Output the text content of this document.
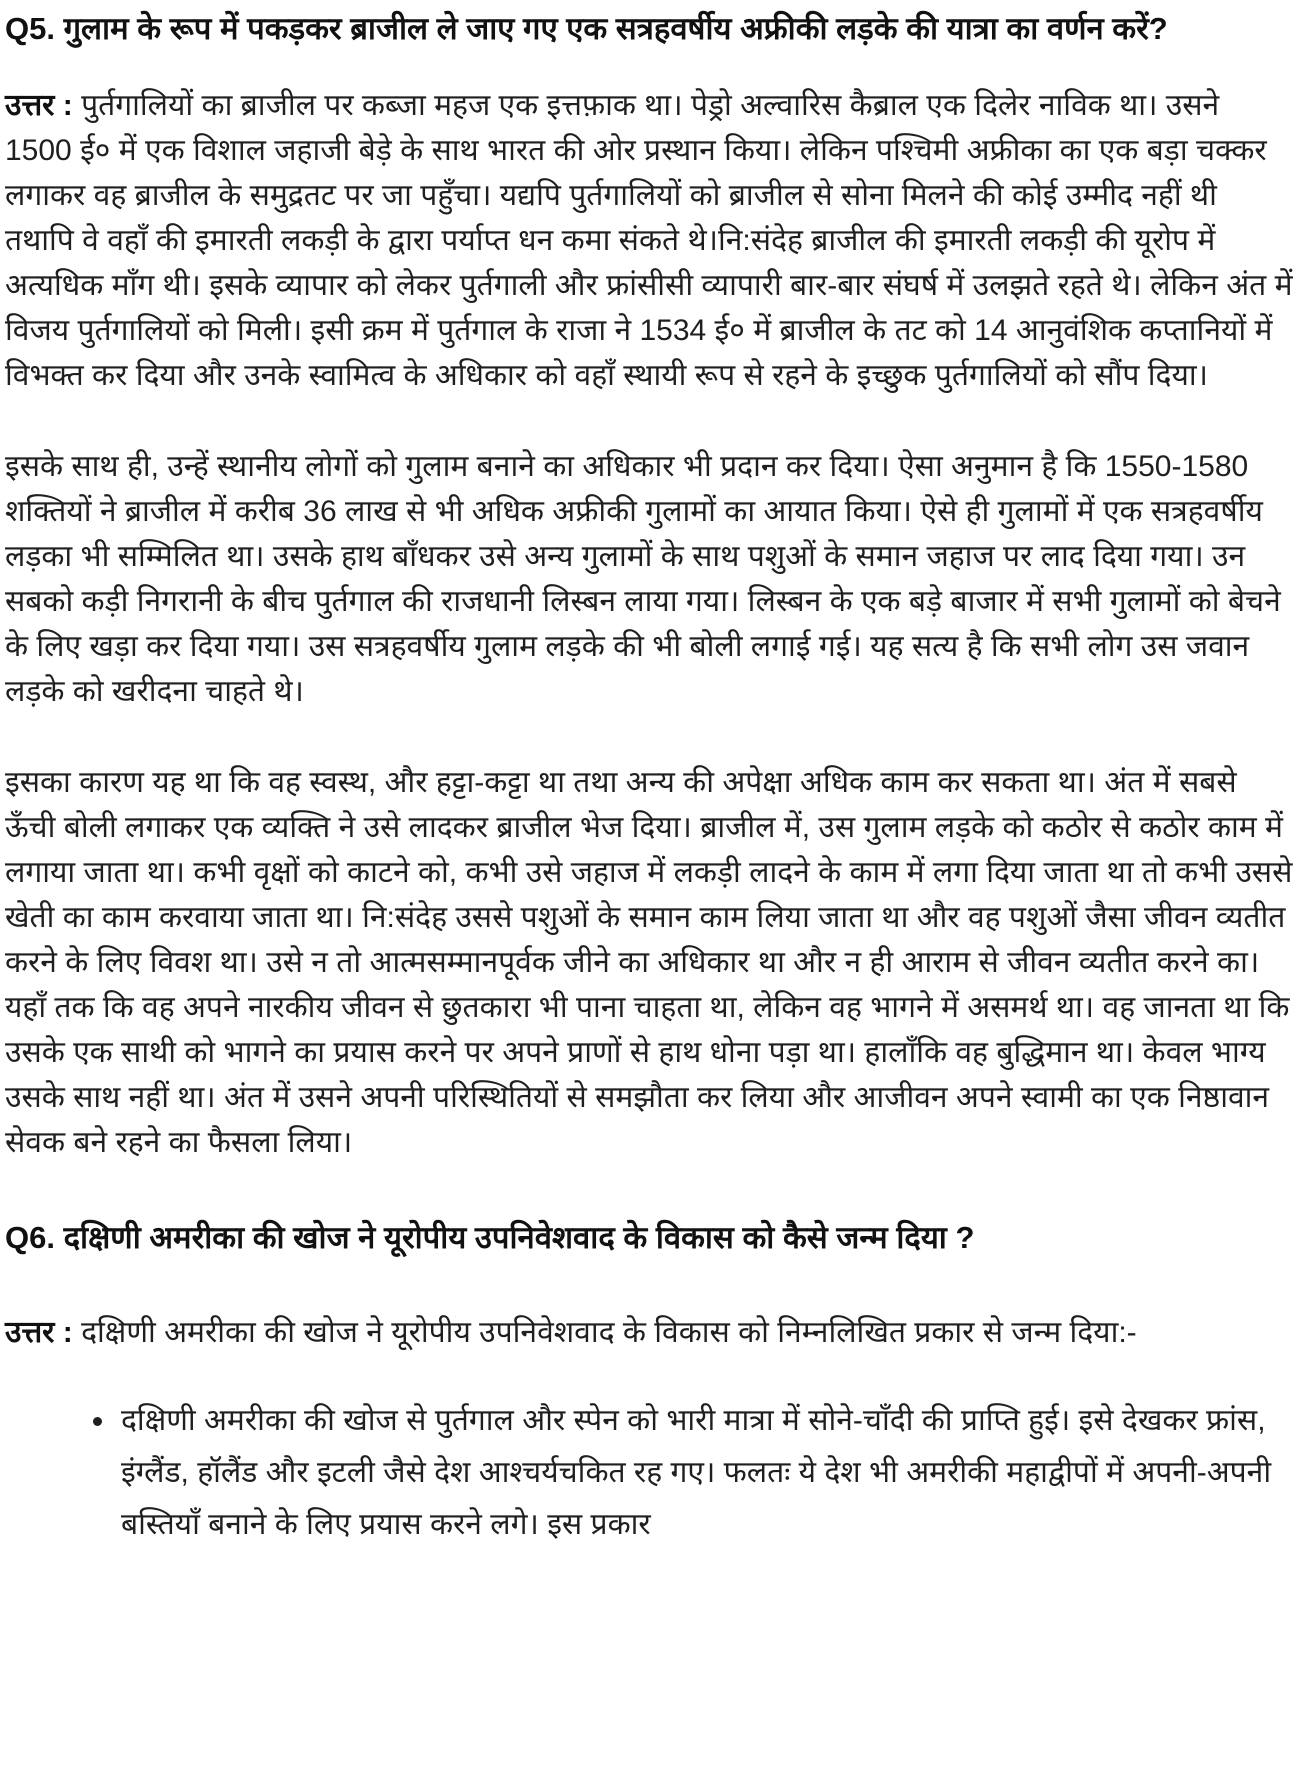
Q5. गुलाम के रूप में पकड़कर ब्राजील ले जाए गए एक सत्रहवर्षीय अफ्रीकी लड़के की यात्रा का वर्णन करें?

उत्तर : पुर्तगालियों का ब्राजील पर कब्जा महज एक इत्तफ़ाक था। पेड्रो अल्वारिस कैब्राल एक दिलेर नाविक था। उसने 1500 ई० में एक विशाल जहाजी बेड़े के साथ भारत की ओर प्रस्थान किया। लेकिन पश्चिमी अफ्रीका का एक बड़ा चक्कर लगाकर वह ब्राजील के समुद्रतट पर जा पहुँचा। यद्यपि पुर्तगालियों को ब्राजील से सोना मिलने की कोई उम्मीद नहीं थी तथापि वे वहाँ की इमारती लकड़ी के द्वारा पर्याप्त धन कमा संकते थे।नि:संदेह ब्राजील की इमारती लकड़ी की यूरोप में अत्यधिक माँग थी। इसके व्यापार को लेकर पुर्तगाली और फ्रांसीसी व्यापारी बार-बार संघर्ष में उलझते रहते थे। लेकिन अंत में विजय पुर्तगालियों को मिली। इसी क्रम में पुर्तगाल के राजा ने 1534 ई० में ब्राजील के तट को 14 आनुवंशिक कप्तानियों में विभक्त कर दिया और उनके स्वामित्व के अधिकार को वहाँ स्थायी रूप से रहने के इच्छुक पुर्तगालियों को सौंप दिया।

इसके साथ ही, उन्हें स्थानीय लोगों को गुलाम बनाने का अधिकार भी प्रदान कर दिया। ऐसा अनुमान है कि 1550-1580 शक्तियों ने ब्राजील में करीब 36 लाख से भी अधिक अफ्रीकी गुलामों का आयात किया। ऐसे ही गुलामों में एक सत्रहवर्षीय लड़का भी सम्मिलित था। उसके हाथ बाँधकर उसे अन्य गुलामों के साथ पशुओं के समान जहाज पर लाद दिया गया। उन सबको कड़ी निगरानी के बीच पुर्तगाल की राजधानी लिस्बन लाया गया। लिस्बन के एक बड़े बाजार में सभी गुलामों को बेचने के लिए खड़ा कर दिया गया। उस सत्रहवर्षीय गुलाम लड़के की भी बोली लगाई गई। यह सत्य है कि सभी लोग उस जवान लड़के को खरीदना चाहते थे।

इसका कारण यह था कि वह स्वस्थ, और हट्टा-कट्टा था तथा अन्य की अपेक्षा अधिक काम कर सकता था। अंत में सबसे ऊँची बोली लगाकर एक व्यक्ति ने उसे लादकर ब्राजील भेज दिया। ब्राजील में, उस गुलाम लड़के को कठोर से कठोर काम में लगाया जाता था। कभी वृक्षों को काटने को, कभी उसे जहाज में लकड़ी लादने के काम में लगा दिया जाता था तो कभी उससे खेती का काम करवाया जाता था। नि:संदेह उससे पशुओं के समान काम लिया जाता था और वह पशुओं जैसा जीवन व्यतीत करने के लिए विवश था। उसे न तो आत्मसम्मानपूर्वक जीने का अधिकार था और न ही आराम से जीवन व्यतीत करने का। यहाँ तक कि वह अपने नारकीय जीवन से छुतकारा भी पाना चाहता था, लेकिन वह भागने में असमर्थ था। वह जानता था कि उसके एक साथी को भागने का प्रयास करने पर अपने प्राणों से हाथ धोना पड़ा था। हालाँकि वह बुद्धिमान था। केवल भाग्य उसके साथ नहीं था। अंत में उसने अपनी परिस्थितियों से समझौता कर लिया और आजीवन अपने स्वामी का एक निष्ठावान सेवक बने रहने का फैसला लिया।

Q6. दक्षिणी अमरीका की खोज ने यूरोपीय उपनिवेशवाद के विकास को कैसे जन्म दिया ?

उत्तर : दक्षिणी अमरीका की खोज ने यूरोपीय उपनिवेशवाद के विकास को निम्नलिखित प्रकार से जन्म दिया:-

• दक्षिणी अमरीका की खोज से पुर्तगाल और स्पेन को भारी मात्रा में सोने-चाँदी की प्राप्ति हुई। इसे देखकर फ्रांस, इंग्लैंड, हॉलैंड और इटली जैसे देश आश्चर्यचकित रह गए। फलतः ये देश भी अमरीकी महाद्वीपों में अपनी-अपनी बस्तियाँ बनाने के लिए प्रयास करने लगे। इस प्रकार
